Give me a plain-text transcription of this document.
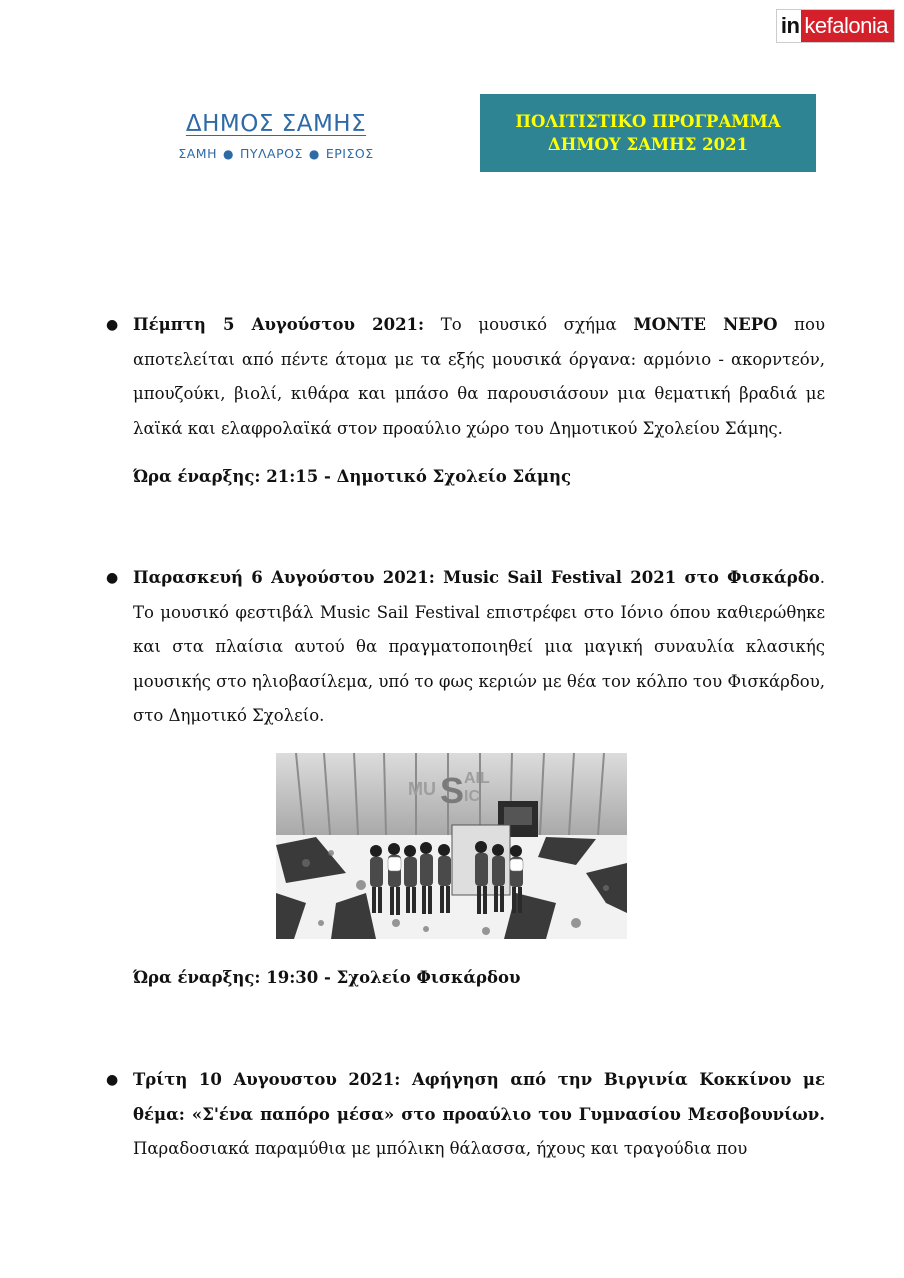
in kefalonia
ΔΗΜΟΣ ΣΑΜΗΣ
ΣΑΜΗ ● ΠΥΛΑΡΟΣ ● ΕΡΙΣΟΣ
ΠΟΛΙΤΙΣΤΙΚΟ ΠΡΟΓΡΑΜΜΑ
ΔΗΜΟΥ ΣΑΜΗΣ 2021
● Πέμπτη 5 Αυγούστου 2021: Το μουσικό σχήμα ΜΟΝΤΕ ΝΕΡΟ που αποτελείται από πέντε άτομα με τα εξής μουσικά όργανα: αρμόνιο - ακορντεόν, μπουζούκι, βιολί, κιθάρα και μπάσο θα παρουσιάσουν μια θεματική βραδιά με λαϊκά και ελαφρολαϊκά στον προαύλιο χώρο του Δημοτικού Σχολείου Σάμης.

Ώρα έναρξης: 21:15 - Δημοτικό Σχολείο Σάμης
● Παρασκευή 6 Αυγούστου 2021: Music Sail Festival 2021 στο Φισκάρδο. Το μουσικό φεστιβάλ Music Sail Festival επιστρέφει στο Ιόνιο όπου καθιερώθηκε και στα πλαίσια αυτού θα πραγματοποιηθεί μια μαγική συναυλία κλασικής μουσικής στο ηλιοβασίλεμα, υπό το φως κεριών με θέα τον κόλπο του Φισκάρδου, στο Δημοτικό Σχολείο.

MU S AIL
IC
Ώρα έναρξης: 19:30 - Σχολείο Φισκάρδου
● Τρίτη 10 Αυγουστου 2021: Αφήγηση από την Βιργινία Κοκκίνου με θέμα: «Σ'ένα παπόρο μέσα» στο προαύλιο του Γυμνασίου Μεσοβουνίων. Παραδοσιακά παραμύθια με μπόλικη θάλασσα, ήχους και τραγούδια που
